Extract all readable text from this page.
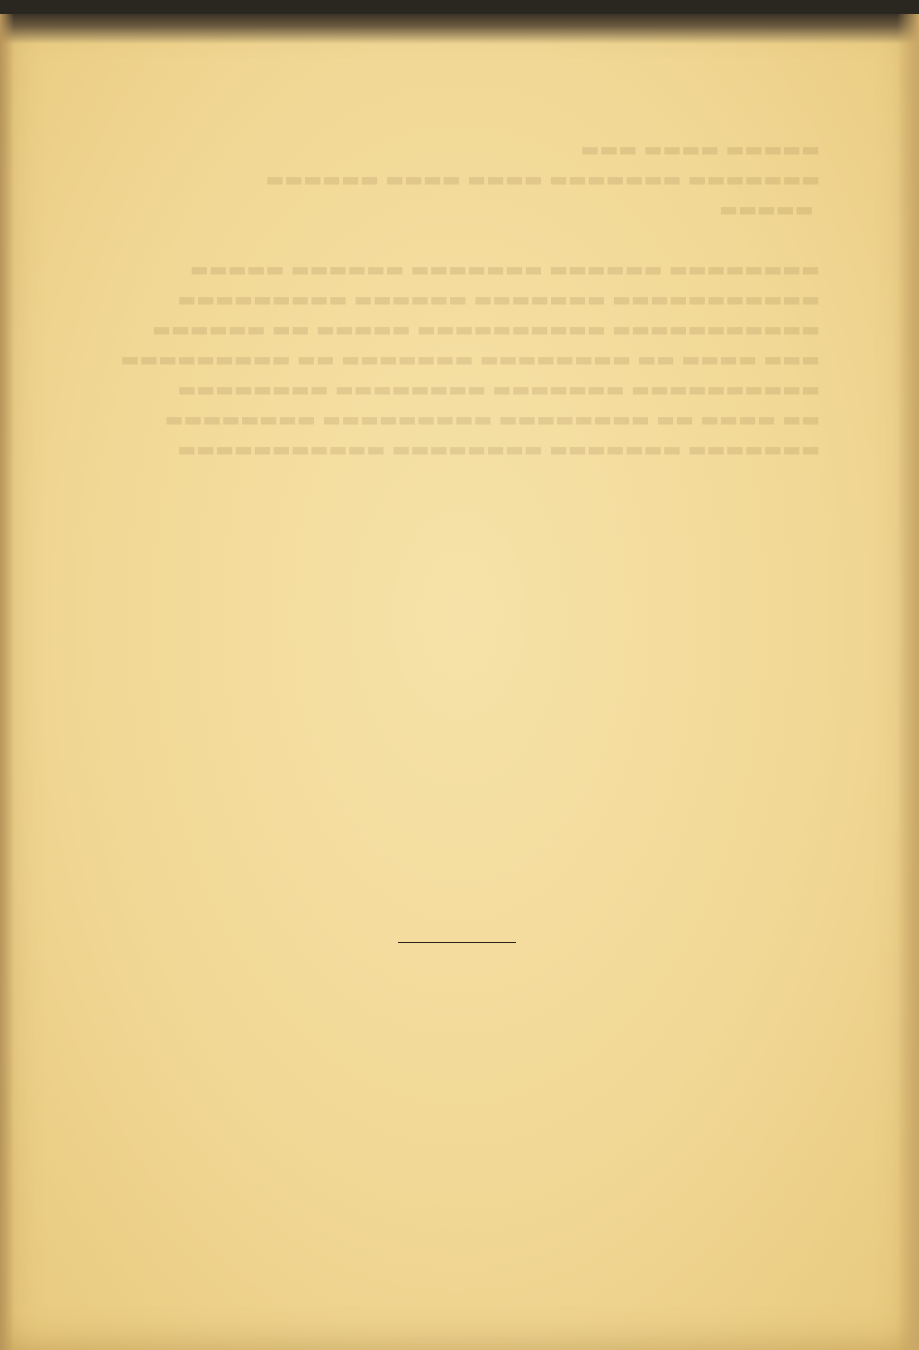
▬▬▬▬▬ ▬▬▬▬ ▬▬▬
▬▬▬▬▬▬▬ ▬▬▬▬▬▬▬ ▬▬▬▬ ▬▬▬▬ ▬▬▬▬▬▬
▬▬▬▬▬

▬▬▬▬▬▬▬▬ ▬▬▬▬▬▬ ▬▬▬▬▬▬▬ ▬▬▬▬▬▬ ▬▬▬▬▬
▬▬▬▬▬▬▬▬▬▬▬ ▬▬▬▬▬▬▬ ▬▬▬▬▬▬ ▬▬▬▬▬▬▬▬▬
▬▬▬▬▬▬▬▬▬▬▬ ▬▬▬▬▬▬▬▬▬▬ ▬▬▬▬▬ ▬▬ ▬▬▬▬▬▬
▬▬▬ ▬▬▬▬ ▬▬ ▬▬▬▬▬▬▬▬ ▬▬▬▬▬▬▬ ▬▬ ▬▬▬▬▬▬▬▬▬
▬▬▬▬▬▬▬▬▬▬ ▬▬▬▬▬▬▬ ▬▬▬▬▬▬▬▬ ▬▬▬▬▬▬▬▬
▬▬ ▬▬▬▬ ▬▬ ▬▬▬▬▬▬▬▬ ▬▬▬▬▬▬▬▬▬ ▬▬▬▬▬▬▬▬
▬▬▬▬▬▬▬ ▬▬▬▬▬▬▬ ▬▬▬▬▬▬▬▬ ▬▬▬▬▬▬▬▬▬▬▬
